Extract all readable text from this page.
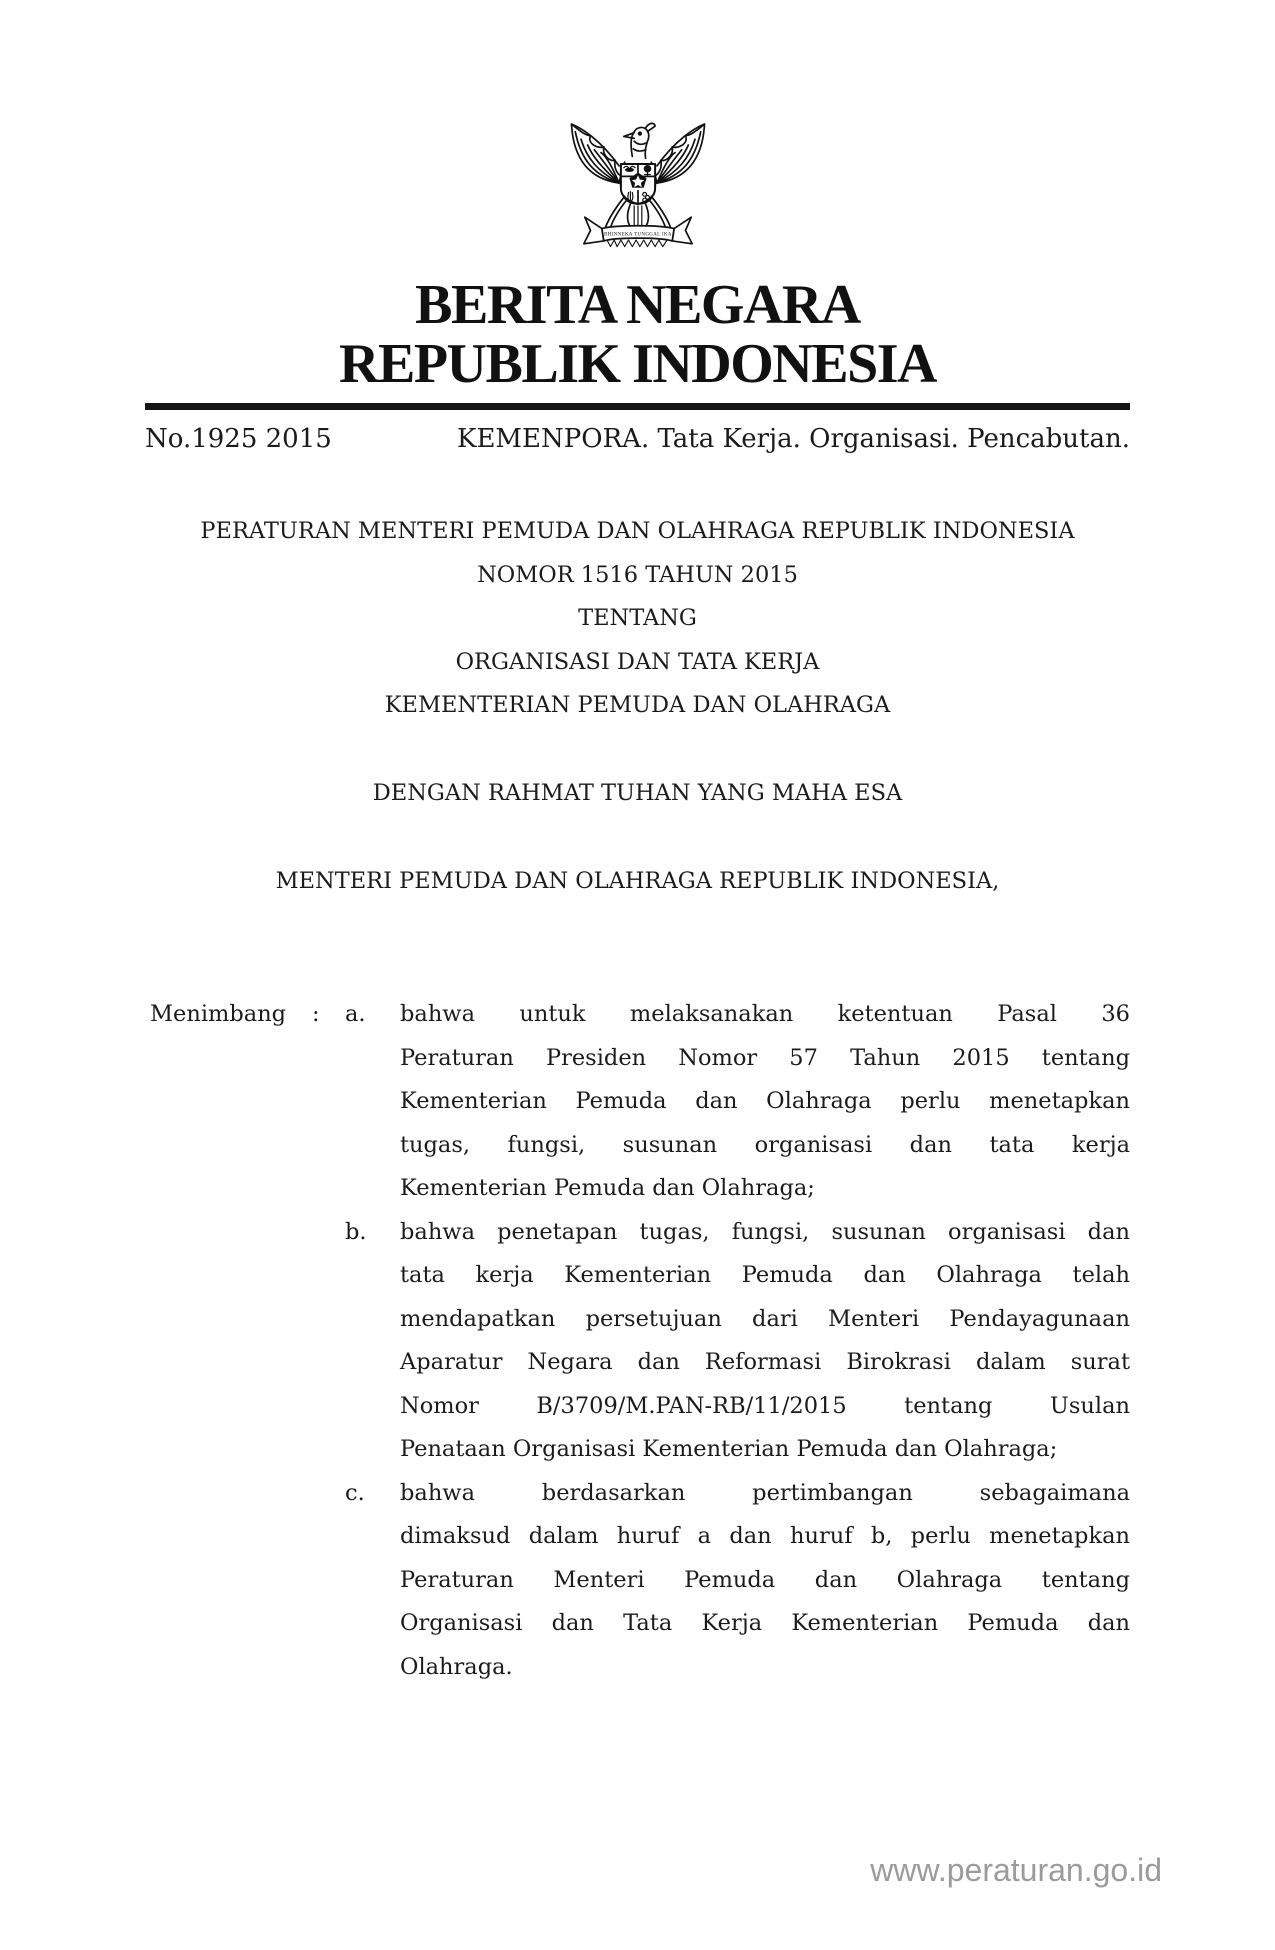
BHINNEKA TUNGGAL IKA
BERITA NEGARA
REPUBLIK INDONESIA
No.1925 2015	KEMENPORA. Tata Kerja. Organisasi. Pencabutan.
PERATURAN MENTERI PEMUDA DAN OLAHRAGA REPUBLIK INDONESIA
NOMOR 1516 TAHUN 2015
TENTANG
ORGANISASI DAN TATA KERJA
KEMENTERIAN PEMUDA DAN OLAHRAGA
DENGAN RAHMAT TUHAN YANG MAHA ESA
MENTERI PEMUDA DAN OLAHRAGA REPUBLIK INDONESIA,
Menimbang	:	a.	bahwa untuk melaksanakan ketentuan Pasal 36
Peraturan Presiden Nomor 57 Tahun 2015 tentang
Kementerian Pemuda dan Olahraga perlu menetapkan
tugas, fungsi, susunan organisasi dan tata kerja
Kementerian Pemuda dan Olahraga;
b.	bahwa penetapan tugas, fungsi, susunan organisasi dan
tata kerja Kementerian Pemuda dan Olahraga telah
mendapatkan persetujuan dari Menteri Pendayagunaan
Aparatur Negara dan Reformasi Birokrasi dalam surat
Nomor B/3709/M.PAN-RB/11/2015 tentang Usulan
Penataan Organisasi Kementerian Pemuda dan Olahraga;
c.	bahwa berdasarkan pertimbangan sebagaimana
dimaksud dalam huruf a dan huruf b, perlu menetapkan
Peraturan Menteri Pemuda dan Olahraga tentang
Organisasi dan Tata Kerja Kementerian Pemuda dan
Olahraga.
www.peraturan.go.id
